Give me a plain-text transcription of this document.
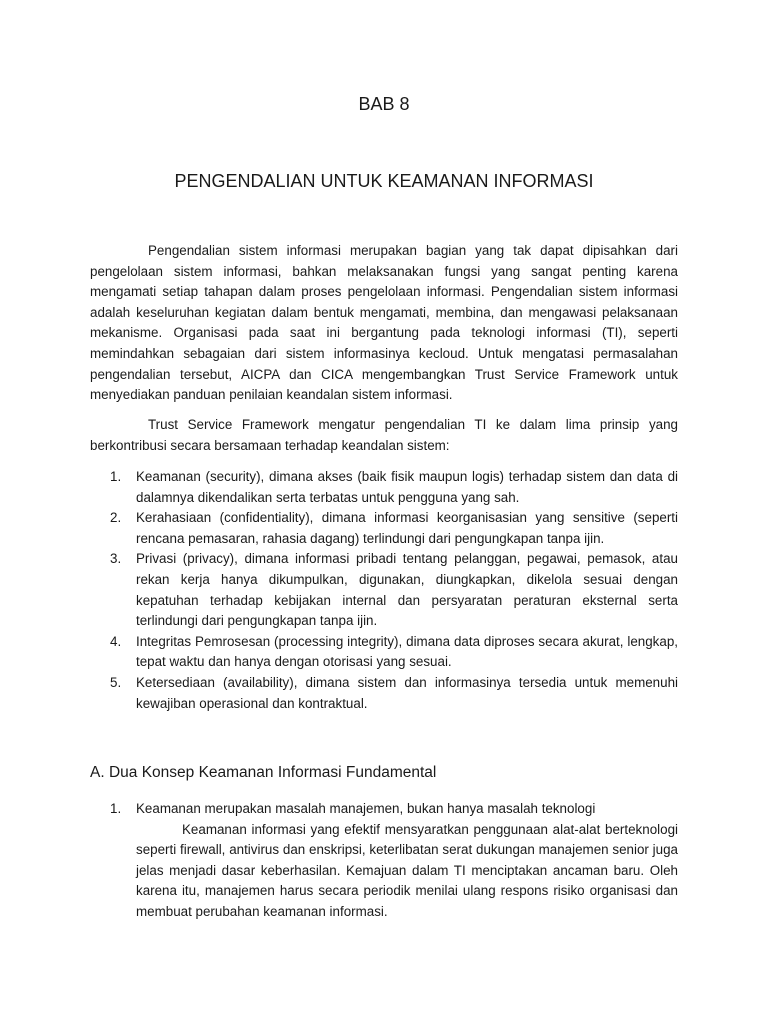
BAB 8
PENGENDALIAN UNTUK KEAMANAN INFORMASI

Pengendalian sistem informasi merupakan bagian yang tak dapat dipisahkan dari pengelolaan sistem informasi, bahkan melaksanakan fungsi yang sangat penting karena mengamati setiap tahapan dalam proses pengelolaan informasi. Pengendalian sistem informasi adalah keseluruhan kegiatan dalam bentuk mengamati, membina, dan mengawasi pelaksanaan mekanisme. Organisasi pada saat ini bergantung pada teknologi informasi (TI), seperti memindahkan sebagaian dari sistem informasinya kecloud. Untuk mengatasi permasalahan pengendalian tersebut, AICPA dan CICA mengembangkan Trust Service Framework untuk menyediakan panduan penilaian keandalan sistem informasi.

Trust Service Framework mengatur pengendalian TI ke dalam lima prinsip yang berkontribusi secara bersamaan terhadap keandalan sistem:

1. Keamanan (security), dimana akses (baik fisik maupun logis) terhadap sistem dan data di dalamnya dikendalikan serta terbatas untuk pengguna yang sah.
2. Kerahasiaan (confidentiality), dimana informasi keorganisasian yang sensitive (seperti rencana pemasaran, rahasia dagang) terlindungi dari pengungkapan tanpa ijin.
3. Privasi (privacy), dimana informasi pribadi tentang pelanggan, pegawai, pemasok, atau rekan kerja hanya dikumpulkan, digunakan, diungkapkan, dikelola sesuai dengan kepatuhan terhadap kebijakan internal dan persyaratan peraturan eksternal serta terlindungi dari pengungkapan tanpa ijin.
4. Integritas Pemrosesan (processing integrity), dimana data diproses secara akurat, lengkap, tepat waktu dan hanya dengan otorisasi yang sesuai.
5. Ketersediaan (availability), dimana sistem dan informasinya tersedia untuk memenuhi kewajiban operasional dan kontraktual.
A. Dua Konsep Keamanan Informasi Fundamental
1. Keamanan merupakan masalah manajemen, bukan hanya masalah teknologi

Keamanan informasi yang efektif mensyaratkan penggunaan alat-alat berteknologi seperti firewall, antivirus dan enskripsi, keterlibatan serat dukungan manajemen senior juga jelas menjadi dasar keberhasilan. Kemajuan dalam TI menciptakan ancaman baru. Oleh karena itu, manajemen harus secara periodik menilai ulang respons risiko organisasi dan membuat perubahan keamanan informasi.
